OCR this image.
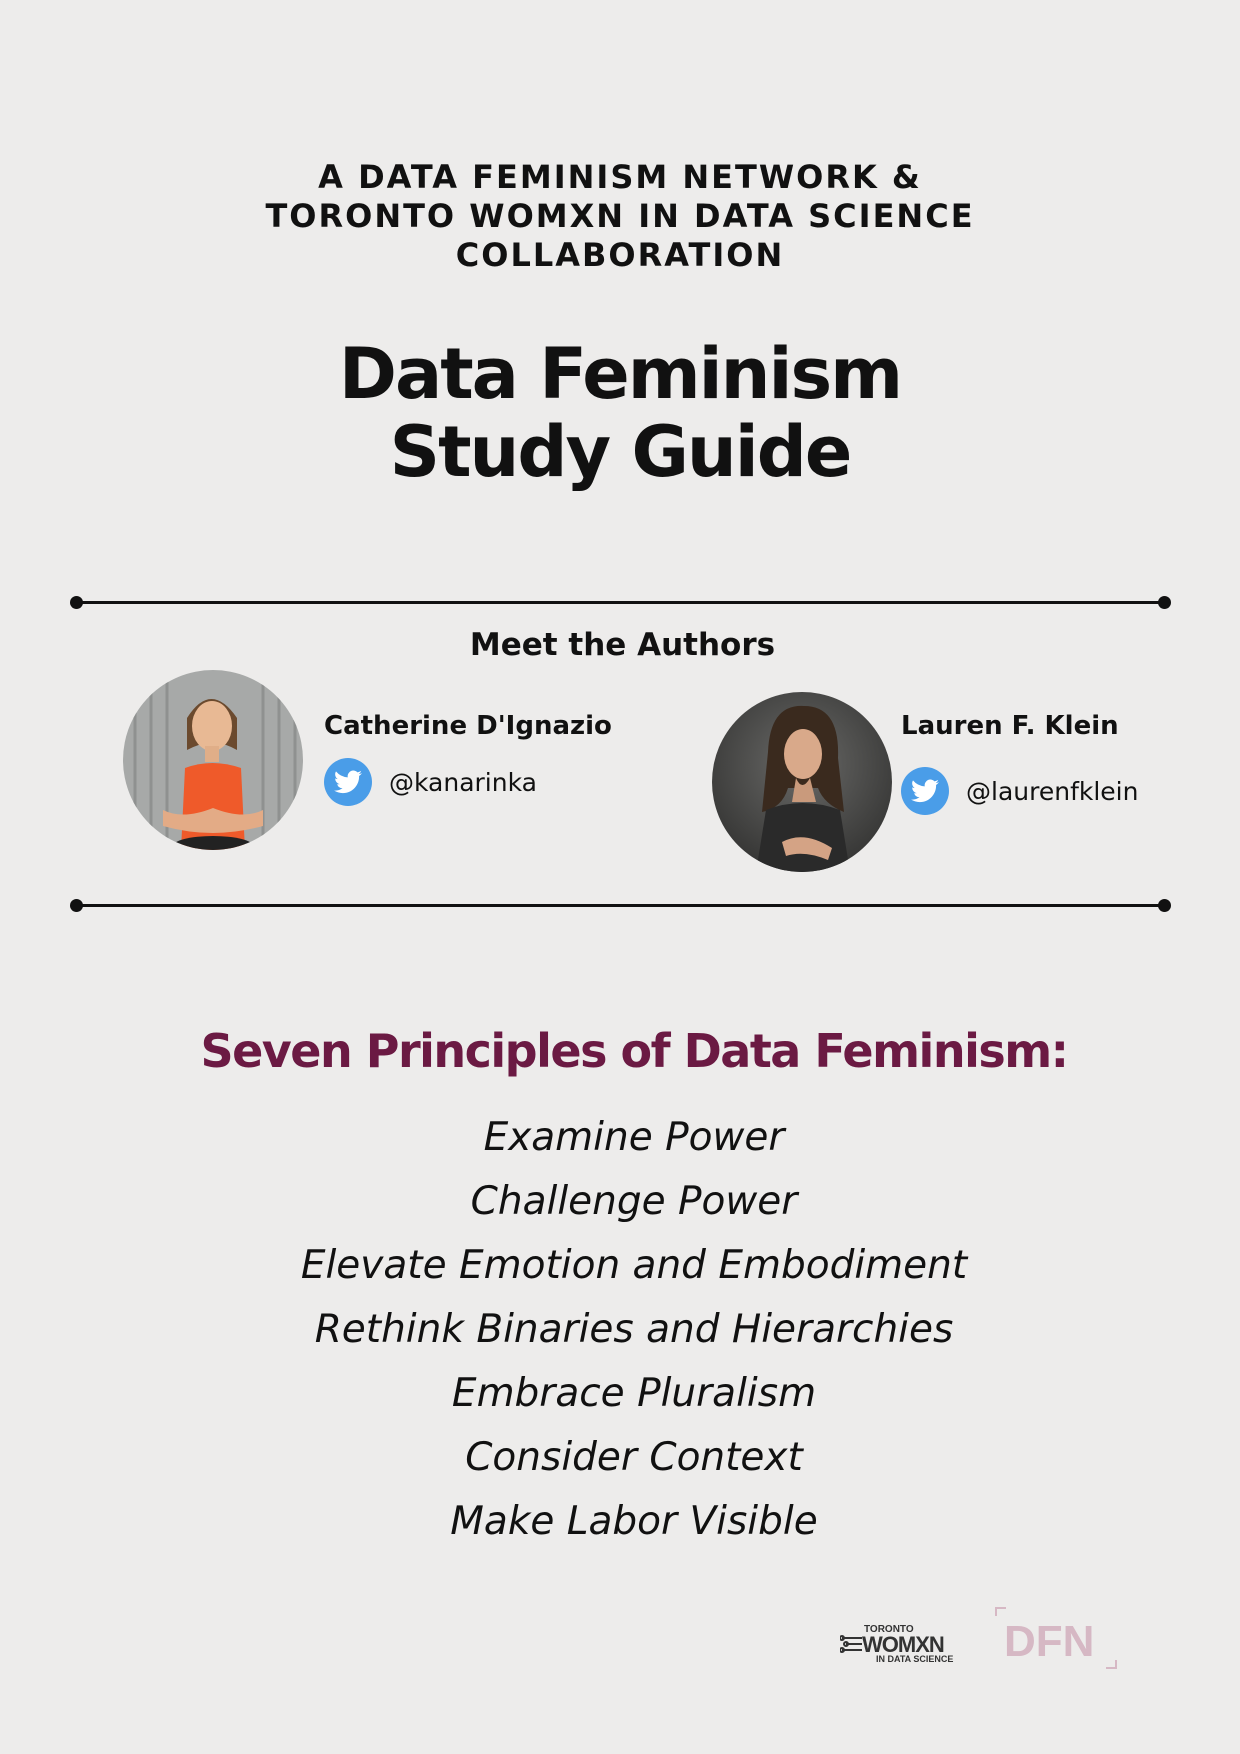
A DATA FEMINISM NETWORK &
TORONTO WOMXN IN DATA SCIENCE
COLLABORATION
Data Feminism
Study Guide
Meet the Authors
Catherine D'Ignazio
@kanarinka
Lauren F. Klein
@laurenfklein
Seven Principles of Data Feminism:
Examine Power
Challenge Power
Elevate Emotion and Embodiment
Rethink Binaries and Hierarchies
Embrace Pluralism
Consider Context
Make Labor Visible
TORONTO
WOMXN
IN DATA SCIENCE DFN
